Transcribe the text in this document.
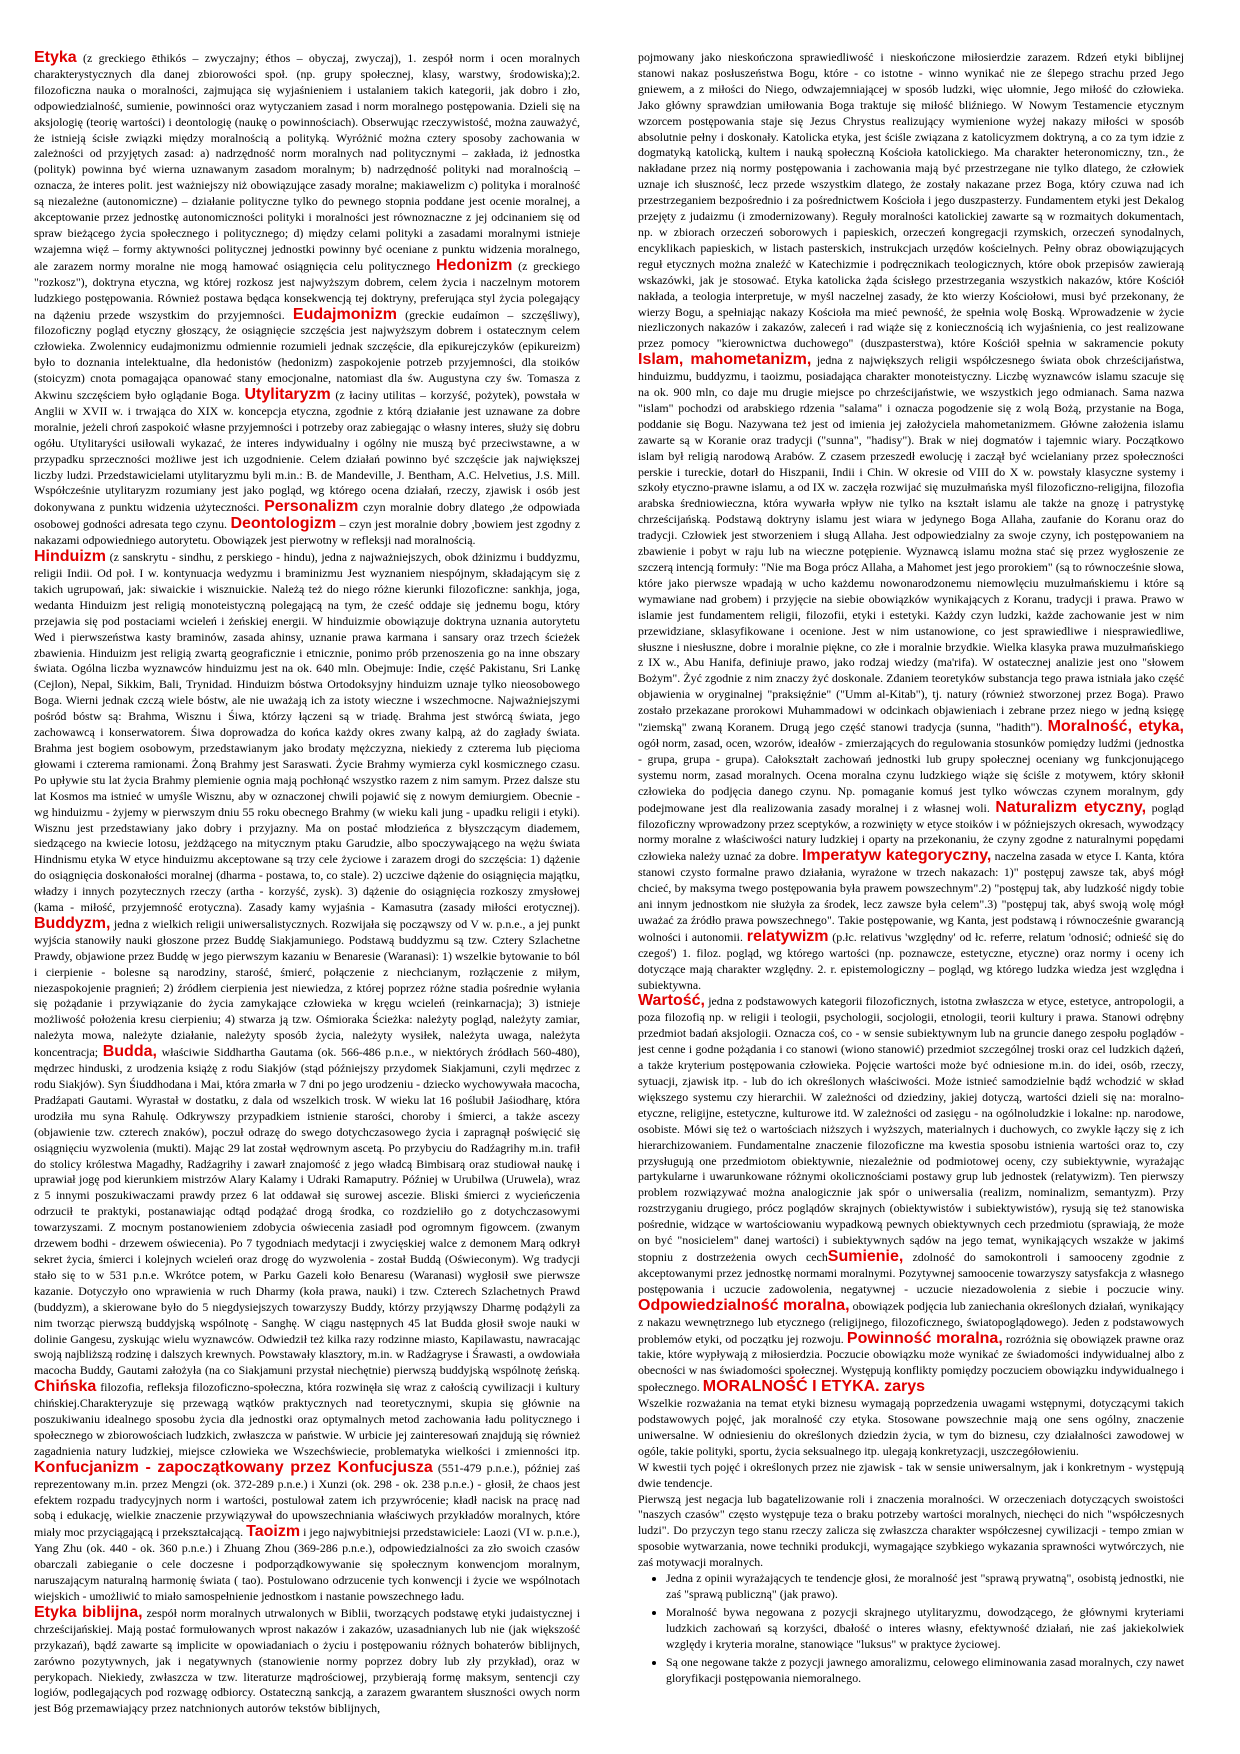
Etyka (z greckiego ēthikós – zwyczajny; éthos – obyczaj, zwyczaj), 1. zespół norm i ocen moralnych charakterystycznych dla danej zbiorowości społ. (np. grupy społecznej, klasy, warstwy, środowiska);2. filozoficzna nauka o moralności, zajmująca się wyjaśnieniem i ustalaniem takich kategorii, jak dobro i zło, odpowiedzialność, sumienie, powinności oraz wytyczaniem zasad i norm moralnego postępowania. Dzieli się na aksjologię (teorię wartości) i deontologię (naukę o powinnościach). Obserwując rzeczywistość, można zauważyć, że istnieją ścisłe związki między moralnością a polityką. Wyróżnić można cztery sposoby zachowania w zależności od przyjętych zasad: a) nadrzędność norm moralnych nad politycznymi – zakłada, iż jednostka (polityk) powinna być wierna uznawanym zasadom moralnym; b) nadrzędność polityki nad moralnością – oznacza, że interes polit. jest ważniejszy niż obowiązujące zasady moralne; makiawelizm c) polityka i moralność są niezależne (autonomiczne) – działanie polityczne tylko do pewnego stopnia poddane jest ocenie moralnej, a akceptowanie przez jednostkę autonomiczności polityki i moralności jest równoznaczne z jej odcinaniem się od spraw bieżącego życia społecznego i politycznego; d) między celami polityki a zasadami moralnymi istnieje wzajemna więź – formy aktywności politycznej jednostki powinny być oceniane z punktu widzenia moralnego, ale zarazem normy moralne nie mogą hamować osiągnięcia celu politycznego Hedonizm (z greckiego "rozkosz"), doktryna etyczna, wg której rozkosz jest najwyższym dobrem, celem życia i naczelnym motorem ludzkiego postępowania. Również postawa będąca konsekwencją tej doktryny, preferująca styl życia polegający na dążeniu przede wszystkim do przyjemności. Eudajmonizm (greckie eudaímon – szczęśliwy), filozoficzny pogląd etyczny głoszący, że osiągnięcie szczęścia jest najwyższym dobrem i ostatecznym celem człowieka. Zwolennicy eudajmonizmu odmiennie rozumieli jednak szczęście, dla epikurejczyków (epikureizm) było to doznania intelektualne, dla hedonistów (hedonizm) zaspokojenie potrzeb przyjemności, dla stoików (stoicyzm) cnota pomagająca opanować stany emocjonalne, natomiast dla św. Augustyna czy św. Tomasza z Akwinu szczęściem było oglądanie Boga. Utylitaryzm (z łaciny utilitas – korzyść, pożytek), powstała w Anglii w XVII w. i trwająca do XIX w. koncepcja etyczna, zgodnie z którą działanie jest uznawane za dobre moralnie, jeżeli chroń zaspokoić własne przyjemności i potrzeby oraz zabiegając o własny interes, służy się dobru ogółu. Utylitaryści usiłowali wykazać, że interes indywidualny i ogólny nie muszą być przeciwstawne, a w przypadku sprzeczności możliwe jest ich uzgodnienie. Celem działań powinno być szczęście jak największej liczby ludzi. Przedstawicielami utylitaryzmu byli m.in.: B. de Mandeville, J. Bentham, A.C. Helvetius, J.S. Mill. Współcześnie utylitaryzm rozumiany jest jako pogląd, wg którego ocena działań, rzeczy, zjawisk i osób jest dokonywana z punktu widzenia użyteczności. Personalizm czyn moralnie dobry dlatego ,że odpowiada osobowej godności adresata tego czynu. Deontologizm – czyn jest moralnie dobry ,bowiem jest zgodny z nakazami odpowiedniego autorytetu. Obowiązek jest pierwotny w refleksji nad moralnością.

Hinduizm (z sanskrytu - sindhu, z perskiego - hindu), jedna z najważniejszych, obok dżinizmu i buddyzmu, religii Indii. Od poł. I w. kontynuacja wedyzmu i braminizmu Jest wyznaniem niespójnym, składającym się z takich ugrupowań, jak: siwaickie i wisznuickie. Należą też do niego różne kierunki filozoficzne: sankhja, joga, wedanta Hinduizm jest religią monoteistyczną polegającą na tym, że cześć oddaje się jednemu bogu, który przejawia się pod postaciami wcieleń i żeńskiej energii. W hinduizmie obowiązuje doktryna uznania autorytetu Wed i pierwszeństwa kasty braminów, zasada ahinsy, uznanie prawa karmana i sansary oraz trzech ścieżek zbawienia. Hinduizm jest religią zwartą geograficznie i etnicznie, ponimo prób przenoszenia go na inne obszary świata. Ogólna liczba wyznawców hinduizmu jest na ok. 640 mln. Obejmuje: Indie, część Pakistanu, Sri Lankę (Cejlon), Nepal, Sikkim, Bali, Trynidad. Hinduizm bóstwa Ortodoksyjny hinduizm uznaje tylko nieosobowego Boga. Wierni jednak czczą wiele bóstw, ale nie uważają ich za istoty wieczne i wszechmocne. Najważniejszymi pośród bóstw są: Brahma, Wisznu i Śiwa, którzy łączeni są w triadę. Brahma jest stwórcą świata, jego zachowawcą i konserwatorem. Śiwa doprowadza do końca każdy okres zwany kalpą, aż do zagłady świata. Brahma jest bogiem osobowym, przedstawianym jako brodaty mężczyzna, niekiedy z czterema lub pięcioma głowami i czterema ramionami. Żoną Brahmy jest Saraswati. Życie Brahmy wymierza cykl kosmicznego czasu. Po upływie stu lat życia Brahmy plemienie ognia mają pochłonąć wszystko razem z nim samym. Przez dalsze stu lat Kosmos ma istnieć w umyśle Wisznu, aby w oznaczonej chwili pojawić się z nowym demiurgiem. Obecnie - wg hinduizmu - żyjemy w pierwszym dniu 55 roku obecnego Brahmy (w wieku kali jung - upadku religii i etyki). Wisznu jest przedstawiany jako dobry i przyjazny. Ma on postać młodzieńca z błyszczącym diademem, siedzącego na kwiecie lotosu, jeżdżącego na mitycznym ptaku Garudzie, albo spoczywającego na wężu świata Hindnismu etyka W etyce hinduizmu akceptowane są trzy cele życiowe i zarazem drogi do szczęścia: 1) dążenie do osiągnięcia doskonałości moralnej (dharma - postawa, to, co stale). 2) uczciwe dążenie do osiągnięcia majątku, władzy i innych pozytecznych rzeczy (artha - korzyść, zysk). 3) dążenie do osiągnięcia rozkoszy zmysłowej (kama - miłość, przyjemność erotyczna). Zasady kamy wyjaśnia - Kamasutra (zasady miłości erotycznej). Buddyzm, jedna z wielkich religii uniwersalistycznych. Rozwijała się począwszy od V w. p.n.e., a jej punkt wyjścia stanowiły nauki głoszone przez Buddę Siakjamuniego. Podstawą buddyzmu są tzw. Cztery Szlachetne Prawdy, objawione przez Buddę w jego pierwszym kazaniu w Benaresie (Waranasi): 1) wszelkie bytowanie to ból i cierpienie - bolesne są narodziny, starość, śmierć, połączenie z niechcianym, rozłączenie z miłym, niezaspokojenie pragnień; 2) źródłem cierpienia jest niewiedza, z której poprzez różne stadia pośrednie wyłania się pożądanie i przywiązanie do życia zamykające człowieka w kręgu wcieleń (reinkarnacja); 3) istnieje możliwość położenia kresu cierpieniu; 4) stwarza ją tzw. Ośmioraka Ścieżka: należyty pogląd, należyty zamiar, należyta mowa, należyte działanie, należyty sposób życia, należyty wysiłek, należyta uwaga, należyta koncentracja; Budda, właściwie Siddhartha Gautama (ok. 566-486 p.n.e., w niektórych źródłach 560-480), mędrzec hinduski, z urodzenia książę z rodu Siakjów (stąd późniejszy przydomek Siakjamuni, czyli mędrzec z rodu Siakjów). Syn Śiuddhodana i Mai, która zmarła w 7 dni po jego urodzeniu - dziecko wychowywała macocha, Pradźapati Gautami. Wyrastał w dostatku, z dala od wszelkich trosk. W wieku lat 16 poślubił Jaśiodharę, która urodziła mu syna Rahulę. Odkrywszy przypadkiem istnienie starości, choroby i śmierci, a także ascezy (objawienie tzw. czterech znaków), poczuł odrazę do swego dotychczasowego życia i zapragnął poświęcić się osiągnięciu wyzwolenia (mukti). Mając 29 lat został wędrownym ascetą. Po przybyciu do Radźagrihy m.in. trafił do stolicy królestwa Magadhy, Radźagrihy i zawarł znajomość z jego władcą Bimbisarą oraz studiował naukę i uprawiał jogę pod kierunkiem mistrzów Alary Kalamy i Udraki Ramaputry. Później w Urubilwa (Uruwela), wraz z 5 innymi poszukiwaczami prawdy przez 6 lat oddawał się surowej ascezie. Bliski śmierci z wycieńczenia odrzucił te praktyki, postanawiając odtąd podążać drogą środka, co rozdzieliło go z dotychczasowymi towarzyszami. Z mocnym postanowieniem zdobycia oświecenia zasiadł pod ogromnym figowcem. (zwanym drzewem bodhi - drzewem oświecenia). Po 7 tygodniach medytacji i zwycięskiej walce z demonem Marą odkrył sekret życia, śmierci i kolejnych wcieleń oraz drogę do wyzwolenia - został Buddą (Oświeconym). Wg tradycji stało się to w 531 p.n.e. Wkrótce potem, w Parku Gazeli koło Benaresu (Waranasi) wygłosił swe pierwsze kazanie. Dotyczyło ono wprawienia w ruch Dharmy (koła prawa, nauki) i tzw. Czterech Szlachetnych Prawd (buddyzm), a skierowane było do 5 niegdysiejszych towarzyszy Buddy, którzy przyjąwszy Dharmę podążyli za nim tworząc pierwszą buddyjską wspólnotę - Sanghę. W ciągu następnych 45 lat Budda głosił swoje nauki w dolinie Gangesu, zyskując wielu wyznawców. Odwiedził też kilka razy rodzinne miasto, Kapilawastu, nawracając swoją najbliższą rodzinę i dalszych krewnych. Powstawały klasztory, m.in. w Radźagryse i Śrawasti, a owdowiała macocha Buddy, Gautami założyła (na co Siakjamuni przystał niechętnie) pierwszą buddyjską wspólnotę żeńską. Chińska filozofia, refleksja filozoficzno-społeczna, która rozwinęła się wraz z całością cywilizacji i kultury chińskiej.Charakteryzuje się przewagą wątków praktycznych nad teoretycznymi, skupia się głównie na poszukiwaniu idealnego sposobu życia dla jednostki oraz optymalnych metod zachowania ładu politycznego i społecznego w zbiorowościach ludzkich, zwłaszcza w państwie. W urbicie jej zainteresowań znajdują się również zagadnienia natury ludzkiej, miejsce człowieka we Wszechświecie, problematyka wielkości i zmienności itp. Konfucjanizm - zapoczątkowany przez Konfucjusza (551-479 p.n.e.), później zaś reprezentowany m.in. przez Mengzi (ok. 372-289 p.n.e.) i Xunzi (ok. 298 - ok. 238 p.n.e.) - głosił, że chaos jest efektem rozpadu tradycyjnych norm i wartości, postulował zatem ich przywrócenie; kładł nacisk na pracę nad sobą i edukację, wielkie znaczenie przywiązywał do upowszechniania właściwych przykładów moralnych, które miały moc przyciągającą i przekształcającą. Taoizm i jego najwybitniejsi przedstawiciele: Laozi (VI w. p.n.e.), Yang Zhu (ok. 440 - ok. 360 p.n.e.) i Zhuang Zhou (369-286 p.n.e.), odpowiedzialności za zło swoich czasów obarczali zabieganie o cele doczesne i podporządkowywanie się społecznym konwencjom moralnym, naruszającym naturalną harmonię świata ( tao). Postulowano odrzucenie tych konwencji i życie we wspólnotach wiejskich - umożliwić to miało samospełnienie jednostkom i nastanie powszechnego ładu.

Etyka biblijna, zespół norm moralnych utrwalonych w Biblii, tworzących podstawę etyki judaistycznej i chrześcijańskiej. Mają postać formułowanych wprost nakazów i zakazów, uzasadnianych lub nie (jak większość przykazań), bądź zawarte są implicite w opowiadaniach o życiu i postępowaniu różnych bohaterów biblijnych, zarówno pozytywnych, jak i negatywnych (stanowienie normy poprzez dobry lub zły przykład), oraz w perykopach. Niekiedy, zwłaszcza w tzw. literaturze mądrościowej, przybierają formę maksym, sentencji czy logiów, podlegających pod rozwagę odbiorcy. Ostateczną sankcją, a zarazem gwarantem słuszności owych norm jest Bóg przemawiający przez natchnionych autorów tekstów biblijnych,

pojmowany jako nieskończona sprawiedliwość i nieskończone miłosierdzie zarazem. Rdzeń etyki biblijnej stanowi nakaz posłuszeństwa Bogu, które - co istotne - winno wynikać nie ze ślepego strachu przed Jego gniewem, a z miłości do Niego, odwzajemniającej w sposób ludzki, więc ułomnie, Jego miłość do człowieka. Jako główny sprawdzian umiłowania Boga traktuje się miłość bliźniego. W Nowym Testamencie etycznym wzorcem postępowania staje się Jezus Chrystus realizujący wymienione wyżej nakazy miłości w sposób absolutnie pełny i doskonały. Katolicka etyka, jest ściśle związana z katolicyzmem doktryną, a co za tym idzie z dogmatyką katolicką, kultem i nauką społeczną Kościoła katolickiego. Ma charakter heteronomiczny, tzn., że nakładane przez nią normy postępowania i zachowania mają być przestrzegane nie tylko dlatego, że człowiek uznaje ich słuszność, lecz przede wszystkim dlatego, że zostały nakazane przez Boga, który czuwa nad ich przestrzeganiem bezpośrednio i za pośrednictwem Kościoła i jego duszpasterzy. Fundamentem etyki jest Dekalog przejęty z judaizmu (i zmodernizowany). Reguły moralności katolickiej zawarte są w rozmaitych dokumentach, np. w zbiorach orzeczeń soborowych i papieskich, orzeczeń kongregacji rzymskich, orzeczeń synodalnych, encyklikach papieskich, w listach pasterskich, instrukcjach urzędów kościelnych. Pełny obraz obowiązujących reguł etycznych można znaleźć w Katechizmie i podręcznikach teologicznych, które obok przepisów zawierają wskazówki, jak je stosować. Etyka katolicka żąda ścisłego przestrzegania wszystkich nakazów, które Kościół nakłada, a teologia interpretuje, w myśl naczelnej zasady, że kto wierzy Kościołowi, musi być przekonany, że wierzy Bogu, a spełniając nakazy Kościoła ma mieć pewność, że spełnia wolę Boską. Wprowadzenie w życie niezliczonych nakazów i zakazów, zaleceń i rad wiąże się z koniecznością ich wyjaśnienia, co jest realizowane przez pomocy "kierownictwa duchowego" (duszpasterstwa), które Kościół spełnia w sakramencie pokuty Islam, mahometanizm, jedna z największych religii współczesnego świata obok chrześcijaństwa, hinduizmu, buddyzmu, i taoizmu, posiadająca charakter monoteistyczny. Liczbę wyznawców islamu szacuje się na ok. 900 mln, co daje mu drugie miejsce po chrześcijaństwie, we wszystkich jego odmianach. Sama nazwa "islam" pochodzi od arabskiego rdzenia "salama" i oznacza pogodzenie się z wolą Bożą, przystanie na Boga, poddanie się Bogu. Nazywana też jest od imienia jej założyciela mahometanizmem. Główne założenia islamu zawarte są w Koranie oraz tradycji ("sunna", "hadisy"). Brak w niej dogmatów i tajemnic wiary. Początkowo islam był religią narodową Arabów. Z czasem przeszedł ewolucję i zaczął być wcielaniany przez społeczności perskie i tureckie, dotarł do Hiszpanii, Indii i Chin. W okresie od VIII do X w. powstały klasyczne systemy i szkoły etyczno-prawne islamu, a od IX w. zaczęła rozwijać się muzułmańska myśl filozoficzno-religijna, filozofia arabska średniowieczna, która wywarła wpływ nie tylko na kształt islamu ale także na gnozę i patrystykę chrześcijańską. Podstawą doktryny islamu jest wiara w jedynego Boga Allaha, zaufanie do Koranu oraz do tradycji. Człowiek jest stworzeniem i sługą Allaha. Jest odpowiedzialny za swoje czyny, ich postępowaniem na zbawienie i pobyt w raju lub na wieczne potępienie. Wyznawcą islamu można stać się przez wygłoszenie ze szczerą intencją formuły: "Nie ma Boga prócz Allaha, a Mahomet jest jego prorokiem" (są to równocześnie słowa, które jako pierwsze wpadają w ucho każdemu nowonarodzonemu niemowlęciu muzułmańskiemu i które są wymawiane nad grobem) i przyjęcie na siebie obowiązków wynikających z Koranu, tradycji i prawa. Prawo w islamie jest fundamentem religii, filozofii, etyki i estetyki. Każdy czyn ludzki, każde zachowanie jest w nim przewidziane, sklasyfikowane i ocenione. Jest w nim ustanowione, co jest sprawiedliwe i niesprawiedliwe, słuszne i niesłuszne, dobre i moralnie piękne, co złe i moralnie brzydkie. Wielka klasyka prawa muzułmańskiego z IX w., Abu Hanifa, definiuje prawo, jako rodzaj wiedzy (ma'rifa). W ostatecznej analizie jest ono "słowem Bożym". Żyć zgodnie z nim znaczy żyć doskonale. Zdaniem teoretyków substancja tego prawa istniała jako część objawienia w oryginalnej "praksięźnie" ("Umm al-Kitab"), tj. natury (również stworzonej przez Boga). Prawo zostało przekazane prorokowi Muhammadowi w odcinkach objawieniach i zebrane przez niego w jedną księgę "ziemską" zwaną Koranem. Drugą jego część stanowi tradycja (sunna, "hadith"). Moralność, etyka, ogół norm, zasad, ocen, wzorów, ideałów - zmierzających do regulowania stosunków pomiędzy ludźmi (jednostka - grupa, grupa - grupa). Całokształt zachowań jednostki lub grupy społecznej oceniany wg funkcjonującego systemu norm, zasad moralnych. Ocena moralna czynu ludzkiego wiąże się ściśle z motywem, który skłonił człowieka do podjęcia danego czynu. Np. pomaganie komuś jest tylko wówczas czynem moralnym, gdy podejmowane jest dla realizowania zasady moralnej i z własnej woli. Naturalizm etyczny, pogląd filozoficzny wprowadzony przez sceptyków, a rozwinięty w etyce stoików i w późniejszych okresach, wywodzący normy moralne z właściwości natury ludzkiej i oparty na przekonaniu, że czyny zgodne z naturalnymi popędami człowieka należy uznać za dobre. Imperatyw kategoryczny, naczelna zasada w etyce I. Kanta, która stanowi czysto formalne prawo działania, wyrażone w trzech nakazach: 1)" postępuj zawsze tak, abyś mógł chcieć, by maksyma twego postępowania była prawem powszechnym".2) "postępuj tak, aby ludzkość nigdy tobie ani innym jednostkom nie służyła za środek, lecz zawsze była celem".3) "postępuj tak, abyś swoją wolę mógł uważać za źródło prawa powszechnego". Takie postępowanie, wg Kanta, jest podstawą i równocześnie gwarancją wolności i autonomii. relatywizm (p.łc. relativus 'względny' od łc. referre, relatum 'odnosić; odnieść się do czegoś') 1. filoz. pogląd, wg którego wartości (np. poznawcze, estetyczne, etyczne) oraz normy i oceny ich dotyczące mają charakter względny. 2. r. epistemologiczny – pogląd, wg którego ludzka wiedza jest względna i subiektywna.

Wartość, jedna z podstawowych kategorii filozoficznych, istotna zwłaszcza w etyce, estetyce, antropologii, a poza filozofią np. w religii i teologii, psychologii, socjologii, etnologii, teorii kultury i prawa. Stanowi odrębny przedmiot badań aksjologii. Oznacza coś, co - w sensie subiektywnym lub na gruncie danego zespołu poglądów - jest cenne i godne pożądania i co stanowi (wiono stanowić) przedmiot szczególnej troski oraz cel ludzkich dążeń, a także kryterium postępowania człowieka. Pojęcie wartości może być odniesione m.in. do idei, osób, rzeczy, sytuacji, zjawisk itp. - lub do ich określonych właściwości. Może istnieć samodzielnie bądź wchodzić w skład większego systemu czy hierarchii. W zależności od dziedziny, jakiej dotyczą, wartości dzieli się na: moralno-etyczne, religijne, estetyczne, kulturowe itd. W zależności od zasięgu - na ogólnoludzkie i lokalne: np. narodowe, osobiste. Mówi się też o wartościach niższych i wyższych, materialnych i duchowych, co zwykle łączy się z ich hierarchizowaniem. Fundamentalne znaczenie filozoficzne ma kwestia sposobu istnienia wartości oraz to, czy przysługują one przedmiotom obiektywnie, niezależnie od podmiotowej oceny, czy subiektywnie, wyrażając partykularne i uwarunkowane różnymi okolicznościami postawy grup lub jednostek (relatywizm). Ten pierwszy problem rozwiązywać można analogicznie jak spór o uniwersalia (realizm, nominalizm, semantyzm). Przy rozstrzyganiu drugiego, prócz poglądów skrajnych (obiektywistów i subiektywistów), rysują się też stanowiska pośrednie, widzące w wartościowaniu wypadkową pewnych obiektywnych cech przedmiotu (sprawiają, że może on być "nosicielem" danej wartości) i subiektywnych sądów na jego temat, wynikających wszakże w jakimś stopniu z dostrzeżenia owych cechSumienie, zdolność do samokontroli i samooceny zgodnie z akceptowanymi przez jednostkę normami moralnymi. Pozytywnej samoocenie towarzyszy satysfakcja z własnego postępowania i uczucie zadowolenia, negatywnej - uczucie niezadowolenia z siebie i poczucie winy. Odpowiedzialność moralna, obowiązek podjęcia lub zaniechania określonych działań, wynikający z nakazu wewnętrznego lub etycznego (religijnego, filozoficznego, światopoglądowego). Jeden z podstawowych problemów etyki, od początku jej rozwoju. Powinność moralna, rozróżnia się obowiązek prawne oraz takie, które wypływają z miłosierdzia. Poczucie obowiązku może wynikać ze świadomości indywidualnej albo z obecności w nas świadomości społecznej. Występują konflikty pomiędzy poczuciem obowiązku indywidualnego i społecznego. MORALNOŚĆ I ETYKA. zarys

Wszelkie rozważania na temat etyki biznesu wymagają poprzedzenia uwagami wstępnymi, dotyczącymi takich podstawowych pojęć, jak moralność czy etyka. Stosowane powszechnie mają one sens ogólny, znaczenie uniwersalne. W odniesieniu do określonych dziedzin życia, w tym do biznesu, czy działalności zawodowej w ogóle, takie polityki, sportu, życia seksualnego itp. ulegają konkretyzacji, uszczegółowieniu.

W kwestii tych pojęć i określonych przez nie zjawisk - tak w sensie uniwersalnym, jak i konkretnym - występują dwie tendencje.

Pierwszą jest negacja lub bagatelizowanie roli i znaczenia moralności. W orzeczeniach dotyczących swoistości "naszych czasów" często występuje teza o braku potrzeby wartości moralnych, niechęci do nich "współczesnych ludzi". Do przyczyn tego stanu rzeczy zalicza się zwłaszcza charakter współczesnej cywilizacji - tempo zmian w sposobie wytwarzania, nowe techniki produkcji, wymagające szybkiego wykazania sprawności wytwórczych, nie zaś motywacji moralnych.

• Jedna z opinii wyrażających te tendencje głosi, że moralność jest "sprawą prywatną", osobistą jednostki, nie zaś "sprawą publiczną" (jak prawo).
• Moralność bywa negowana z pozycji skrajnego utylitaryzmu, dowodzącego, że głównymi kryteriami ludzkich zachowań są korzyści, dbałość o interes własny, efektywność działań, nie zaś jakiekolwiek względy i kryteria moralne, stanowiące "luksus" w praktyce życiowej.
• Są one negowane także z pozycji jawnego amoralizmu, celowego eliminowania zasad moralnych, czy nawet gloryfikacji postępowania niemoralnego.
